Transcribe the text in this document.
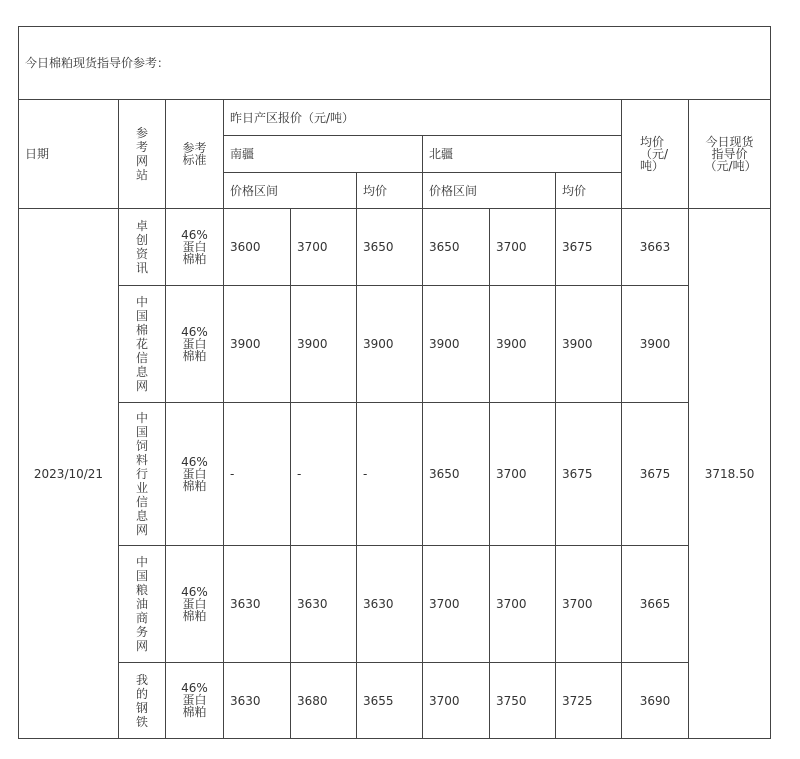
今日棉粕现货指导价参考：										
日期	参考网站	参考标准	昨日产区报价（元/吨）						均价（元/吨）	今日现货指导价（元/吨）
			南疆			北疆				
			价格区间		均价	价格区间		均价		
2023/10/21	卓创资讯	46%蛋白棉粕	3600	3700	3650	3650	3700	3675	3663	3718.50
	中国棉花信息网	46%蛋白棉粕	3900	3900	3900	3900	3900	3900	3900	
	中国饲料行业信息网	46%蛋白棉粕	-	-	-	3650	3700	3675	3675	
	中国粮油商务网	46%蛋白棉粕	3630	3630	3630	3700	3700	3700	3665	
	我的钢铁	46%蛋白棉粕	3630	3680	3655	3700	3750	3725	3690	
